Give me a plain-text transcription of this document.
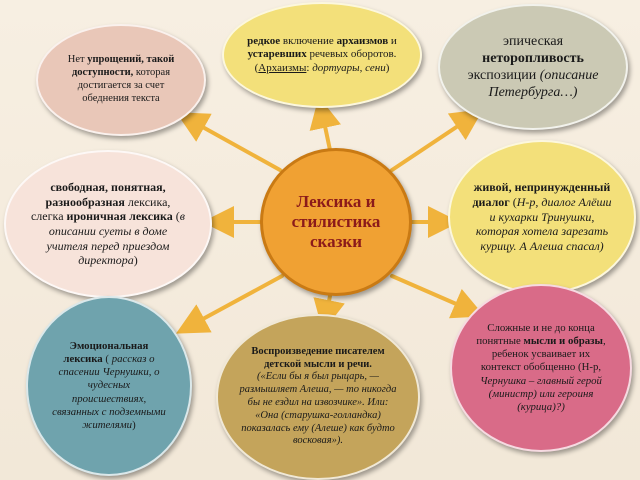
редкое включение архаизмов и устаревших речевых оборотов. (Архаизмы: дортуары, сени)
Нет упрощений, такой доступности, которая достигается за счет обеднения текста
эпическая неторопливость экспозиции (описание Петербурга…)
Лексика и стилистика сказки
свободная, понятная, разнообразная лексика, слегка ироничная лексика (в описании суеты в доме учителя перед приездом директора)
живой, непринужденный диалог (Н-р, диалог Алёши и кухарки Тринушки, которая хотела зарезать курицу. А Алеша спасал)
Эмоциональная лексика ( рассказ о спасении Чернушки, о чудесных происшествиях, связанных с подземными жителями)
Воспроизведение писателем детской мысли и речи.
(«Если бы я был рыцарь, — размышляет Алеша, — то никогда бы не ездил на извозчике». Или: «Она (старушка-голландка) показалась ему (Алеше) как будто восковая»).
Сложные и не до конца понятные мысли и образы, ребенок усваивает их контекст обобщенно (Н-р, Чернушка – главный герой (министр) или героиня (курица)?)
